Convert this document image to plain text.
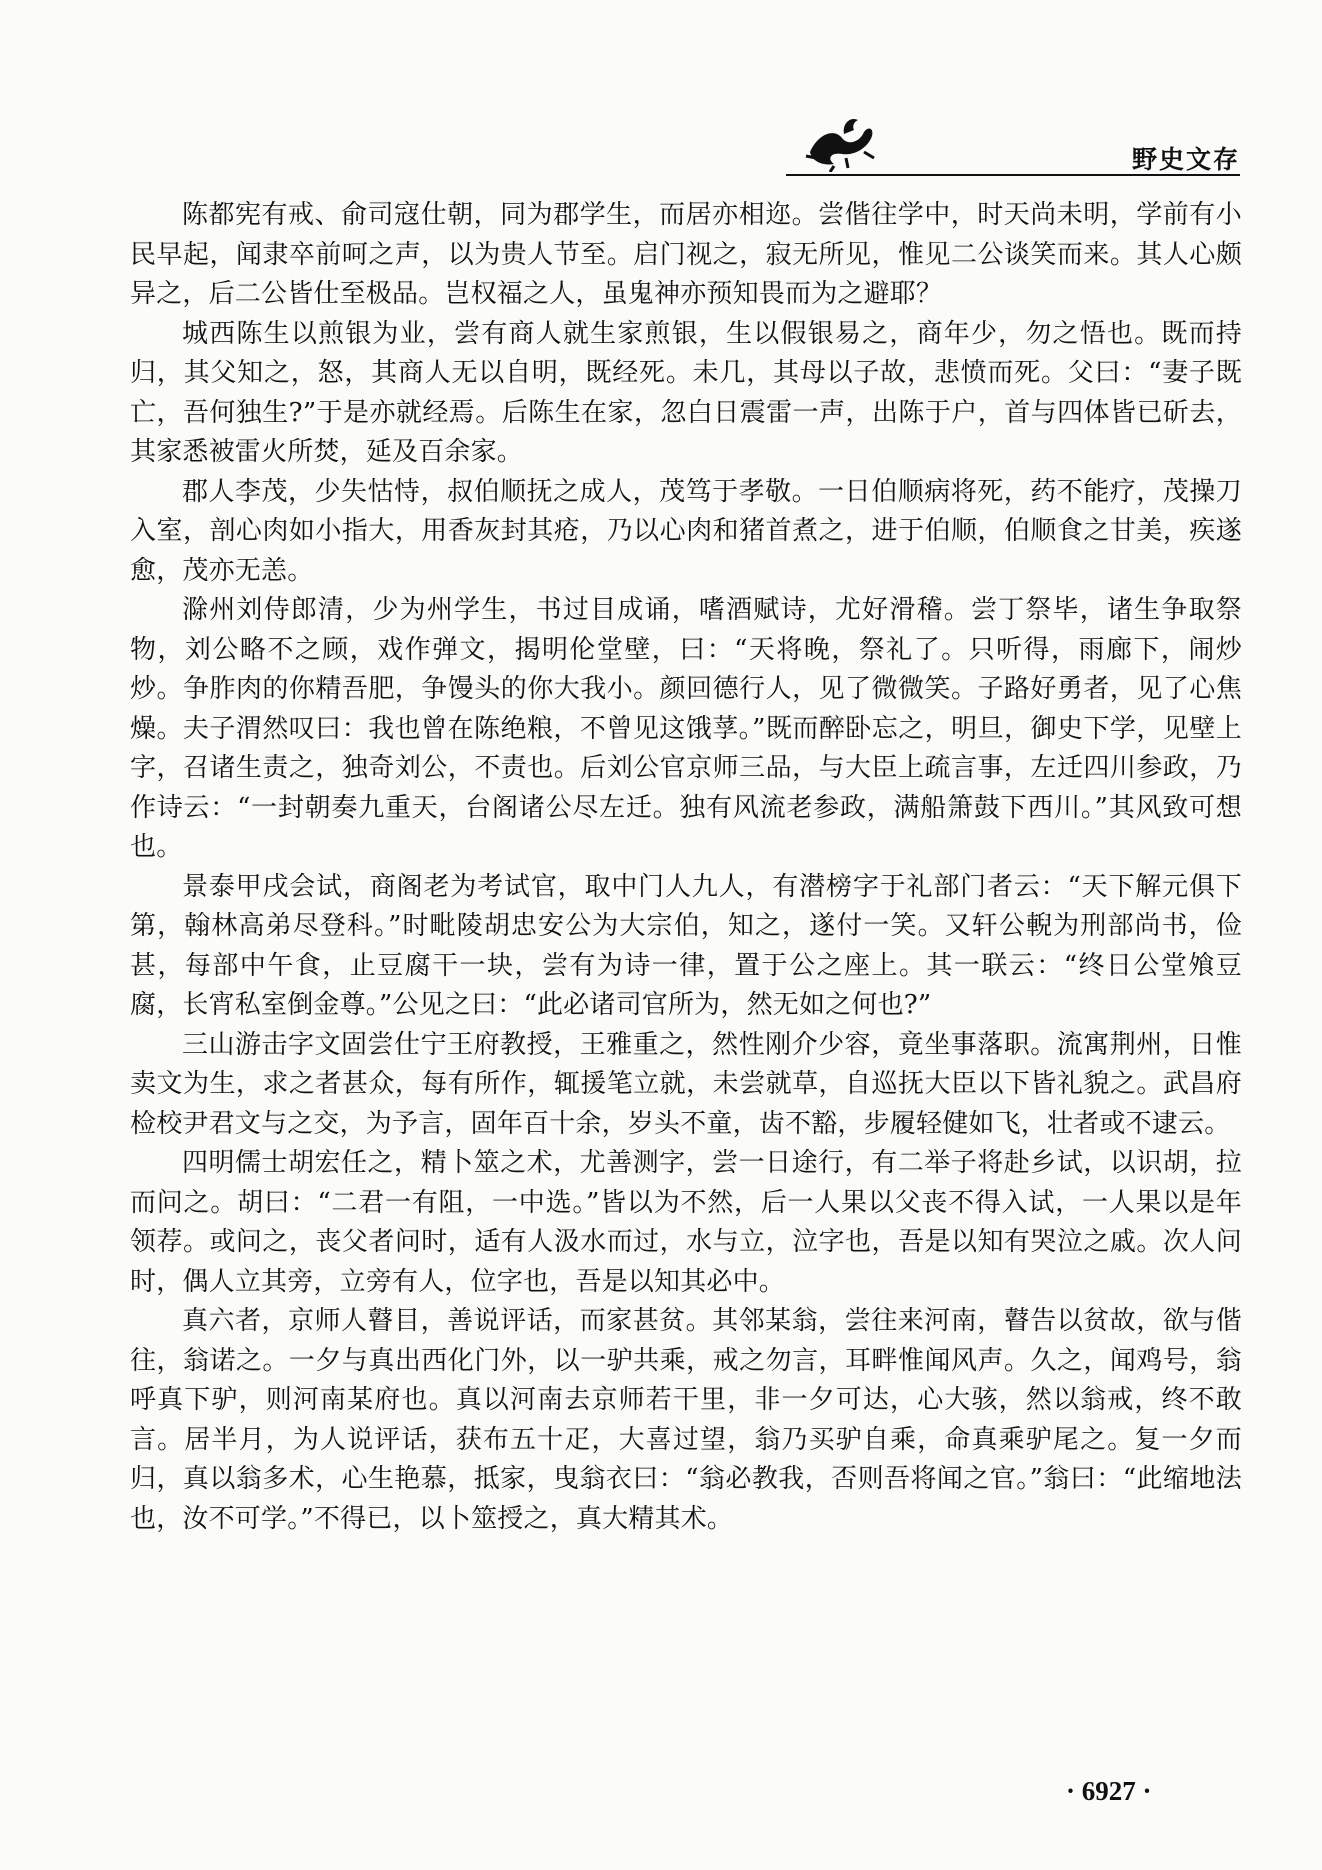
野史文存

陈都宪有戒、俞司寇仕朝，同为郡学生，而居亦相迩。尝偕往学中，时天尚未明，学前有小民早起，闻隶卒前呵之声，以为贵人节至。启门视之，寂无所见，惟见二公谈笑而来。其人心颇异之，后二公皆仕至极品。岂权福之人，虽鬼神亦预知畏而为之避耶？

城西陈生以煎银为业，尝有商人就生家煎银，生以假银易之，商年少，勿之悟也。既而持归，其父知之，怒，其商人无以自明，既经死。未几，其母以子故，悲愤而死。父曰：“妻子既亡，吾何独生?”于是亦就经焉。后陈生在家，忽白日震雷一声，出陈于户，首与四体皆已斫去，其家悉被雷火所焚，延及百余家。

郡人李茂，少失怙恃，叔伯顺抚之成人，茂笃于孝敬。一日伯顺病将死，药不能疗，茂操刀入室，剖心肉如小指大，用香灰封其疮，乃以心肉和猪首煮之，进于伯顺，伯顺食之甘美，疾遂愈，茂亦无恙。

滁州刘侍郎清，少为州学生，书过目成诵，嗜酒赋诗，尤好滑稽。尝丁祭毕，诸生争取祭物，刘公略不之顾，戏作弹文，揭明伦堂壁，曰：“天将晚，祭礼了。只听得，雨廊下，闹炒炒。争胙肉的你精吾肥，争馒头的你大我小。颜回德行人，见了微微笑。子路好勇者，见了心焦燥。夫子渭然叹曰：我也曾在陈绝粮，不曾见这饿莩。”既而醉卧忘之，明旦，御史下学，见壁上字，召诸生责之，独奇刘公，不责也。后刘公官京师三品，与大臣上疏言事，左迁四川参政，乃作诗云：“一封朝奏九重天，台阁诸公尽左迁。独有风流老参政，满船箫鼓下西川。”其风致可想也。

景泰甲戌会试，商阁老为考试官，取中门人九人，有潜榜字于礼部门者云：“天下解元俱下第，翰林高弟尽登科。”时毗陵胡忠安公为大宗伯，知之，遂付一笑。又轩公輗为刑部尚书，俭甚，每部中午食，止豆腐干一块，尝有为诗一律，置于公之座上。其一联云：“终日公堂飧豆腐，长宵私室倒金尊。”公见之曰：“此必诸司官所为，然无如之何也?”

三山游击字文固尝仕宁王府教授，王雅重之，然性刚介少容，竟坐事落职。流寓荆州，日惟卖文为生，求之者甚众，每有所作，辄援笔立就，未尝就草，自巡抚大臣以下皆礼貌之。武昌府检校尹君文与之交，为予言，固年百十余，岁头不童，齿不豁，步履轻健如飞，壮者或不逮云。

四明儒士胡宏任之，精卜筮之术，尤善测字，尝一日途行，有二举子将赴乡试，以识胡，拉而问之。胡曰：“二君一有阻，一中选。”皆以为不然，后一人果以父丧不得入试，一人果以是年领荐。或问之，丧父者问时，适有人汲水而过，水与立，泣字也，吾是以知有哭泣之戚。次人问时，偶人立其旁，立旁有人，位字也，吾是以知其必中。

真六者，京师人瞽目，善说评话，而家甚贫。其邻某翁，尝往来河南，瞽告以贫故，欲与偕往，翁诺之。一夕与真出西化门外，以一驴共乘，戒之勿言，耳畔惟闻风声。久之，闻鸡号，翁呼真下驴，则河南某府也。真以河南去京师若干里，非一夕可达，心大骇，然以翁戒，终不敢言。居半月，为人说评话，获布五十疋，大喜过望，翁乃买驴自乘，命真乘驴尾之。复一夕而归，真以翁多术，心生艳慕，抵家，曳翁衣曰：“翁必教我，否则吾将闻之官。”翁曰：“此缩地法也，汝不可学。”不得已，以卜筮授之，真大精其术。

· 6927 ·
